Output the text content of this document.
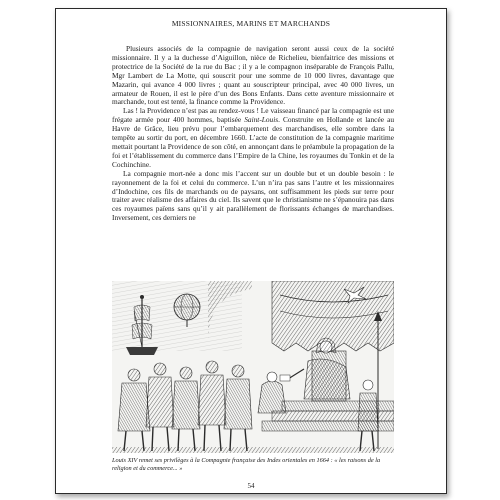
MISSIONNAIRES, MARINS ET MARCHANDS

Plusieurs associés de la compagnie de navigation seront aussi ceux de la société missionnaire. Il y a la duchesse d’Aiguillon, nièce de Richelieu, bienfaitrice des missions et protectrice de la Société de la rue du Bac ; il y a le compagnon inséparable de François Pallu, Mgr Lambert de La Motte, qui souscrit pour une somme de 10 000 livres, davantage que Mazarin, qui avance 4 000 livres ; quant au souscripteur principal, avec 40 000 livres, un armateur de Rouen, il est le père d’un des Bons Enfants. Dans cette aventure missionnaire et marchande, tout est tenté, la finance comme la Providence.

Las ! la Providence n’est pas au rendez-vous ! Le vaisseau financé par la compagnie est une frégate armée pour 400 hommes, baptisée Saint-Louis. Construite en Hollande et lancée au Havre de Grâce, lieu prévu pour l’embarquement des marchandises, elle sombre dans la tempête au sortir du port, en décembre 1660. L’acte de constitution de la compagnie maritime mettait pourtant la Providence de son côté, en annonçant dans le préambule la propagation de la foi et l’établissement du commerce dans l’Empire de la Chine, les royaumes du Tonkin et de la Cochinchine.

La compagnie mort-née a donc mis l’accent sur un double but et un double besoin : le rayonnement de la foi et celui du commerce. L’un n’ira pas sans l’autre et les missionnaires d’Indochine, ces fils de marchands ou de paysans, ont suffisamment les pieds sur terre pour traiter avec réalisme des affaires du ciel. Ils savent que le christianisme ne s’épanouira pas dans ces royaumes païens sans qu’il y ait parallèlement de florissants échanges de marchandises. Inversement, ces derniers ne

Louis XIV remet ses privilèges à la Compagnie française des Indes orientales en 1664 : « les raisons de la religion et du commerce... »
54
